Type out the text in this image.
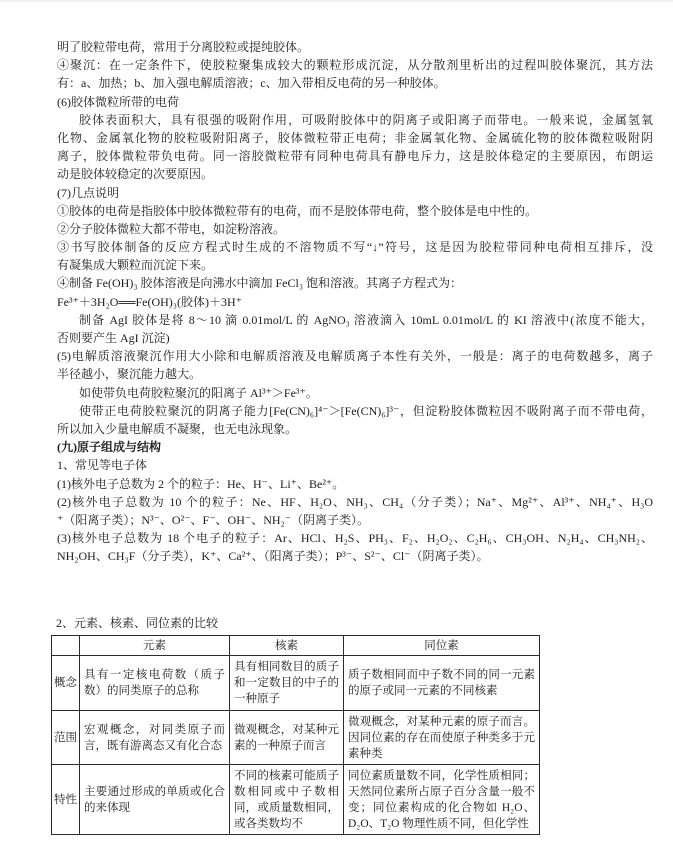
明了胶粒带电荷，常用于分离胶粒或提纯胶体。
④聚沉：在一定条件下，使胶粒聚集成较大的颗粒形成沉淀，从分散剂里析出的过程叫胶体聚沉，其方法
有：a、加热；b、加入强电解质溶液；c、加入带相反电荷的另一种胶体。
(6)胶体微粒所带的电荷
胶体表面积大，具有很强的吸附作用，可吸附胶体中的阴离子或阳离子而带电。一般来说，金属氢氧
化物、金属氧化物的胶粒吸附阳离子，胶体微粒带正电荷；非金属氧化物、金属硫化物的胶体微粒吸附阴
离子，胶体微粒带负电荷。同一溶胶微粒带有同种电荷具有静电斥力，这是胶体稳定的主要原因，布朗运
动是胶体较稳定的次要原因。
(7)几点说明
①胶体的电荷是指胶体中胶体微粒带有的电荷，而不是胶体带电荷，整个胶体是电中性的。
②分子胶体微粒大都不带电，如淀粉溶液。
③书写胶体制备的反应方程式时生成的不溶物质不写“↓”符号，这是因为胶粒带同种电荷相互排斥，没
有凝集成大颗粒而沉淀下来。
④制备 Fe(OH)₃ 胶体溶液是向沸水中滴加 FeCl₃ 饱和溶液。其离子方程式为：
Fe³⁺＋3H₂O══Fe(OH)₃(胶体)＋3H⁺
制备 AgI 胶体是将 8～10 滴 0.01mol/L 的 AgNO₃ 溶液滴入 10mL 0.01mol/L 的 KI 溶液中(浓度不能大，
否则要产生 AgI 沉淀)
(5)电解质溶液聚沉作用大小除和电解质溶液及电解质离子本性有关外，一般是：离子的电荷数越多，离子
半径越小，聚沉能力越大。
如使带负电荷胶粒聚沉的阳离子 Al³⁺＞Fe³⁺。
使带正电荷胶粒聚沉的阴离子能力[Fe(CN)₆]⁴⁻＞[Fe(CN)₆]³⁻，但淀粉胶体微粒因不吸附离子而不带电荷，
所以加入少量电解质不凝聚，也无电泳现象。
(九)原子组成与结构
1、常见等电子体
(1)核外电子总数为 2 个的粒子：He、H⁻、Li⁺、Be²⁺。
(2)核外电子总数为 10 个的粒子：Ne、HF、H₂O、NH₃、CH₄（分子类）；Na⁺、Mg²⁺、Al³⁺、NH₄⁺、H₃O
⁺（阳离子类）；N³⁻、O²⁻、F⁻、OH⁻、NH₂⁻（阴离子类）。
(3)核外电子总数为 18 个电子的粒子：Ar、HCl、H₂S、PH₃、F₂、H₂O₂、C₂H₆、CH₃OH、N₂H₄、CH₃NH₂、
NH₂OH、CH₃F（分子类），K⁺、Ca²⁺、（阳离子类）；P³⁻、S²⁻、Cl⁻（阴离子类）。
2、元素、核素、同位素的比较
	元素	核素	同位素
概念	具有一定核电荷数（质子数）的同类原子的总称	具有相同数目的质子和一定数目的中子的一种原子	质子数相同而中子数不同的同一元素的原子或同一元素的不同核素
范围	宏观概念，对同类原子而言，既有游离态又有化合态	微观概念，对某种元素的一种原子而言	微观概念，对某种元素的原子而言。因同位素的存在而使原子种类多于元素种类
特性	主要通过形成的单质或化合的来体现	不同的核素可能质子数相同或中子数相同，或质量数相同，或各类数均不	同位素质量数不同，化学性质相同；天然同位素所占原子百分含量一般不变；同位素构成的化合物如 H₂O、D₂O、T₂O 物理性质不同，但化学性
